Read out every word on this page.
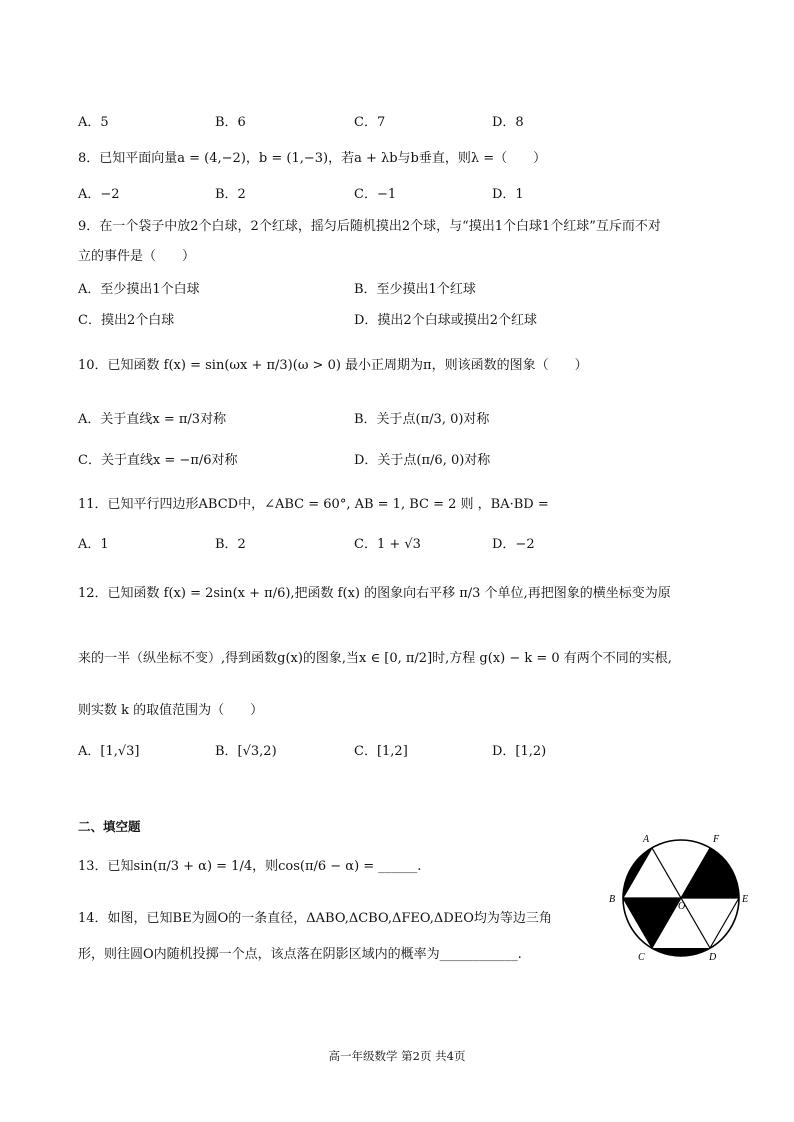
A．5	B．6	C．7	D．8
8．已知平面向量a = (4,−2)，b = (1,−3)，若a + λb与b垂直，则λ =（　　）
A．−2	B．2	C．−1	D．1
9．在一个袋子中放2个白球，2个红球，摇匀后随机摸出2个球，与“摸出1个白球1个红球”互斥而不对
立的事件是（　　）
A．至少摸出1个白球	B．至少摸出1个红球
C．摸出2个白球	D．摸出2个白球或摸出2个红球
10．已知函数 f(x) = sin(ωx + π/3)(ω > 0) 最小正周期为π，则该函数的图象（　　）
A．关于直线x = π/3对称	B．关于点(π/3, 0)对称
C．关于直线x = −π/6对称	D．关于点(π/6, 0)对称
11．已知平行四边形ABCD中，∠ABC = 60°, AB = 1, BC = 2 则 ，BA·BD =
A．1	B．2	C．1 + √3	D．−2
12．已知函数 f(x) = 2sin(x + π/6),把函数 f(x) 的图象向右平移 π/3 个单位,再把图象的横坐标变为原
来的一半（纵坐标不变）,得到函数g(x)的图象,当x ∈ [0, π/2]时,方程 g(x) − k = 0 有两个不同的实根,
则实数 k 的取值范围为（　　）
A．[1,√3]	B．[√3,2)	C．[1,2]	D．[1,2)
二、填空题
13．已知sin(π/3 + α) = 1/4，则cos(π/6 − α) = ______.
14．如图，已知BE为圆O的一条直径，ΔABO,ΔCBO,ΔFEO,ΔDEO均为等边三角
形，则往圆O内随机投掷一个点，该点落在阴影区域内的概率为____________.
A	F
B	E
O
C	D
高一年级数学 第2页 共4页
